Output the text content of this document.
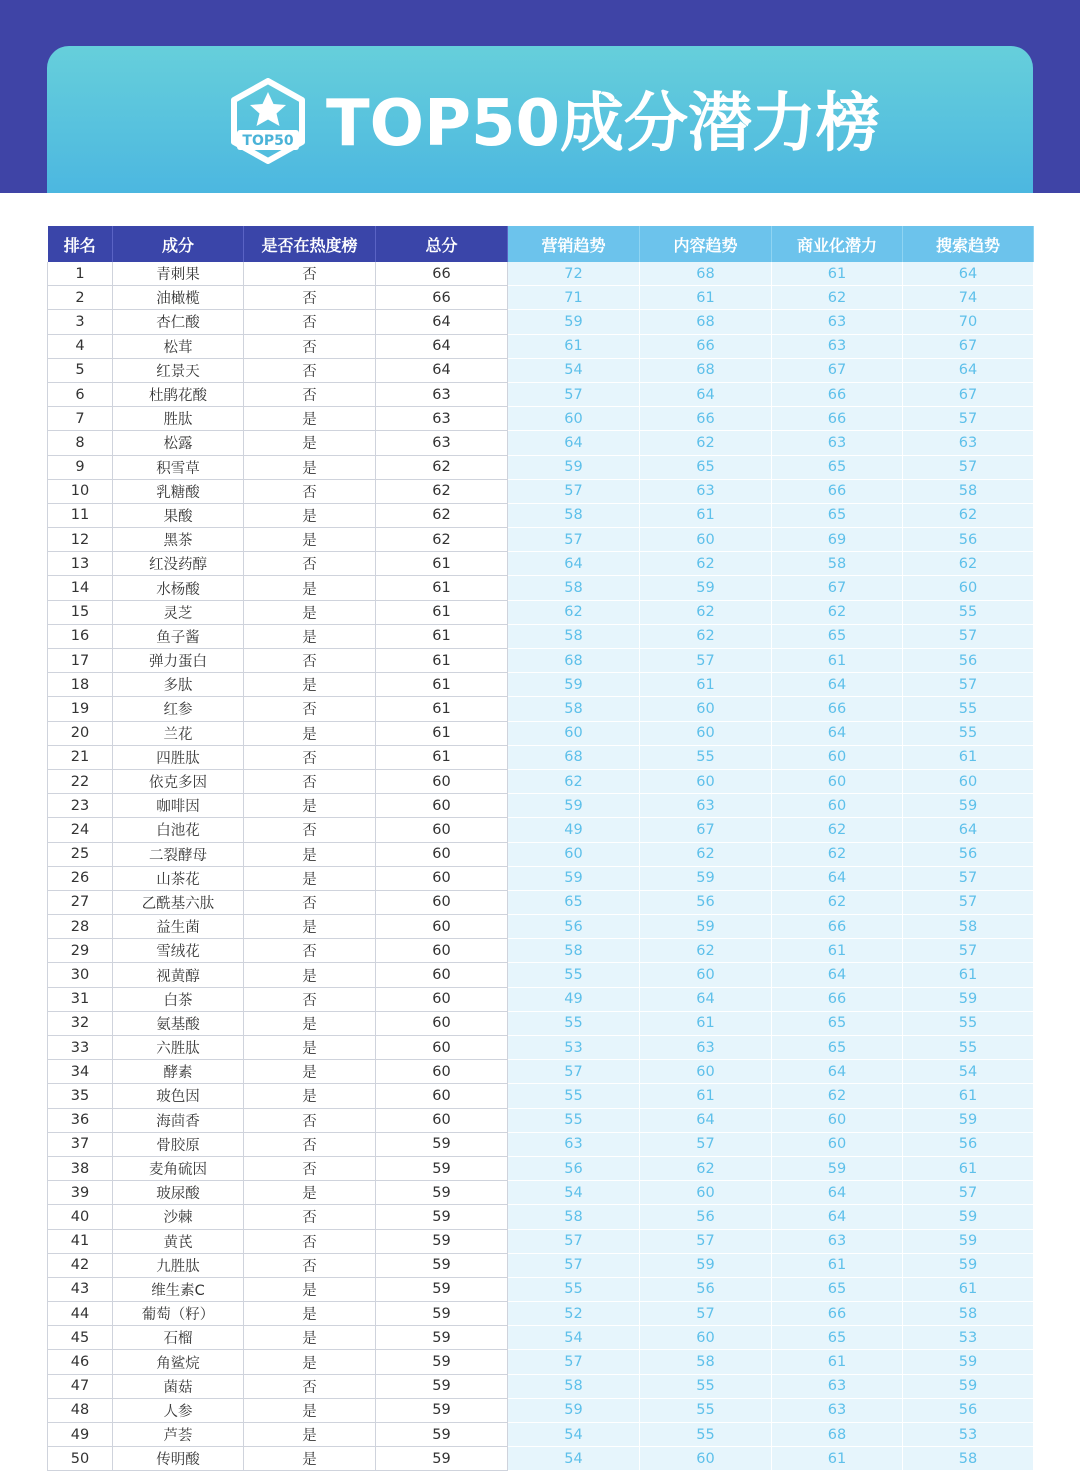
TOP50 TOP50成分潜力榜
排名	成分	是否在热度榜	总分	营销趋势	内容趋势	商业化潜力	搜索趋势
1	青刺果	否	66	72	68	61	64
2	油橄榄	否	66	71	61	62	74
3	杏仁酸	否	64	59	68	63	70
4	松茸	否	64	61	66	63	67
5	红景天	否	64	54	68	67	64
6	杜鹃花酸	否	63	57	64	66	67
7	胜肽	是	63	60	66	66	57
8	松露	是	63	64	62	63	63
9	积雪草	是	62	59	65	65	57
10	乳糖酸	否	62	57	63	66	58
11	果酸	是	62	58	61	65	62
12	黑茶	是	62	57	60	69	56
13	红没药醇	否	61	64	62	58	62
14	水杨酸	是	61	58	59	67	60
15	灵芝	是	61	62	62	62	55
16	鱼子酱	是	61	58	62	65	57
17	弹力蛋白	否	61	68	57	61	56
18	多肽	是	61	59	61	64	57
19	红参	否	61	58	60	66	55
20	兰花	是	61	60	60	64	55
21	四胜肽	否	61	68	55	60	61
22	依克多因	否	60	62	60	60	60
23	咖啡因	是	60	59	63	60	59
24	白池花	否	60	49	67	62	64
25	二裂酵母	是	60	60	62	62	56
26	山茶花	是	60	59	59	64	57
27	乙酰基六肽	否	60	65	56	62	57
28	益生菌	是	60	56	59	66	58
29	雪绒花	否	60	58	62	61	57
30	视黄醇	是	60	55	60	64	61
31	白茶	否	60	49	64	66	59
32	氨基酸	是	60	55	61	65	55
33	六胜肽	是	60	53	63	65	55
34	酵素	是	60	57	60	64	54
35	玻色因	是	60	55	61	62	61
36	海茴香	否	60	55	64	60	59
37	骨胶原	否	59	63	57	60	56
38	麦角硫因	否	59	56	62	59	61
39	玻尿酸	是	59	54	60	64	57
40	沙棘	否	59	58	56	64	59
41	黄芪	否	59	57	57	63	59
42	九胜肽	否	59	57	59	61	59
43	维生素C	是	59	55	56	65	61
44	葡萄（籽）	是	59	52	57	66	58
45	石榴	是	59	54	60	65	53
46	角鲨烷	是	59	57	58	61	59
47	菌菇	否	59	58	55	63	59
48	人参	是	59	59	55	63	56
49	芦荟	是	59	54	55	68	53
50	传明酸	是	59	54	60	61	58
